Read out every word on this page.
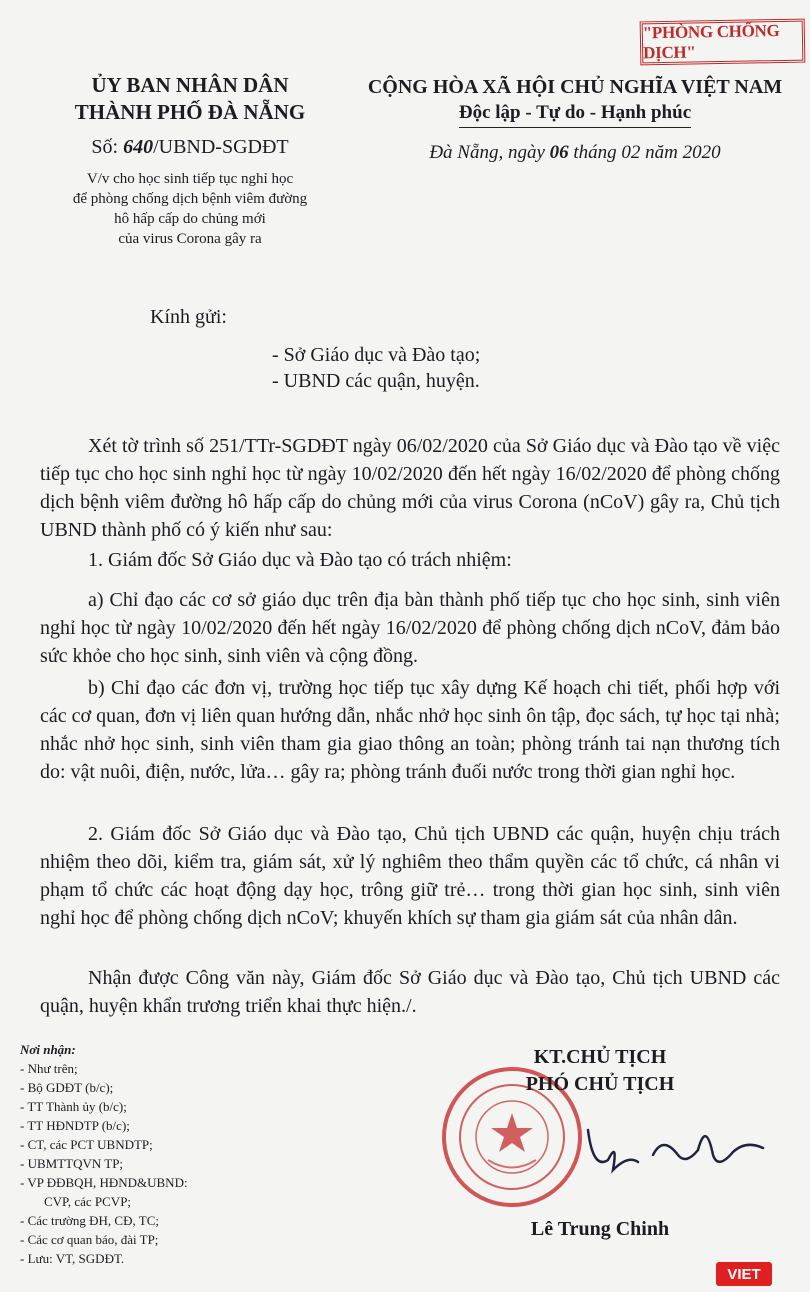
"PHÒNG CHỐNG DỊCH"
ỦY BAN NHÂN DÂN
THÀNH PHỐ ĐÀ NẴNG
Số: 640/UBND-SGDĐT
V/v cho học sinh tiếp tục nghỉ học
để phòng chống dịch bệnh viêm đường
hô hấp cấp do chủng mới
của virus Corona gây ra
CỘNG HÒA XÃ HỘI CHỦ NGHĨA VIỆT NAM
Độc lập - Tự do - Hạnh phúc
Đà Nẵng, ngày 06 tháng 02 năm 2020
Kính gửi:
- Sở Giáo dục và Đào tạo;
- UBND các quận, huyện.

Xét tờ trình số 251/TTr-SGDĐT ngày 06/02/2020 của Sở Giáo dục và Đào tạo về việc tiếp tục cho học sinh nghỉ học từ ngày 10/02/2020 đến hết ngày 16/02/2020 để phòng chống dịch bệnh viêm đường hô hấp cấp do chủng mới của virus Corona (nCoV) gây ra, Chủ tịch UBND thành phố có ý kiến như sau:

1. Giám đốc Sở Giáo dục và Đào tạo có trách nhiệm:

a) Chỉ đạo các cơ sở giáo dục trên địa bàn thành phố tiếp tục cho học sinh, sinh viên nghỉ học từ ngày 10/02/2020 đến hết ngày 16/02/2020 để phòng chống dịch nCoV, đảm bảo sức khỏe cho học sinh, sinh viên và cộng đồng.

b) Chỉ đạo các đơn vị, trường học tiếp tục xây dựng Kế hoạch chi tiết, phối hợp với các cơ quan, đơn vị liên quan hướng dẫn, nhắc nhở học sinh ôn tập, đọc sách, tự học tại nhà; nhắc nhở học sinh, sinh viên tham gia giao thông an toàn; phòng tránh tai nạn thương tích do: vật nuôi, điện, nước, lửa… gây ra; phòng tránh đuối nước trong thời gian nghỉ học.

2. Giám đốc Sở Giáo dục và Đào tạo, Chủ tịch UBND các quận, huyện chịu trách nhiệm theo dõi, kiểm tra, giám sát, xử lý nghiêm theo thẩm quyền các tổ chức, cá nhân vi phạm tổ chức các hoạt động dạy học, trông giữ trẻ… trong thời gian học sinh, sinh viên nghỉ học để phòng chống dịch nCoV; khuyến khích sự tham gia giám sát của nhân dân.

Nhận được Công văn này, Giám đốc Sở Giáo dục và Đào tạo, Chủ tịch UBND các quận, huyện khẩn trương triển khai thực hiện./.

Nơi nhận:
- Như trên;
- Bộ GDĐT (b/c);
- TT Thành ủy (b/c);
- TT HĐNDTP (b/c);
- CT, các PCT UBNDTP;
- UBMTTQVN TP;
- VP ĐĐBQH, HĐND&UBND:
CVP, các PCVP;
- Các trường ĐH, CĐ, TC;
- Các cơ quan báo, đài TP;
- Lưu: VT, SGDĐT.
KT.CHỦ TỊCH
PHÓ CHỦ TỊCH
Lê Trung Chinh
VIET
